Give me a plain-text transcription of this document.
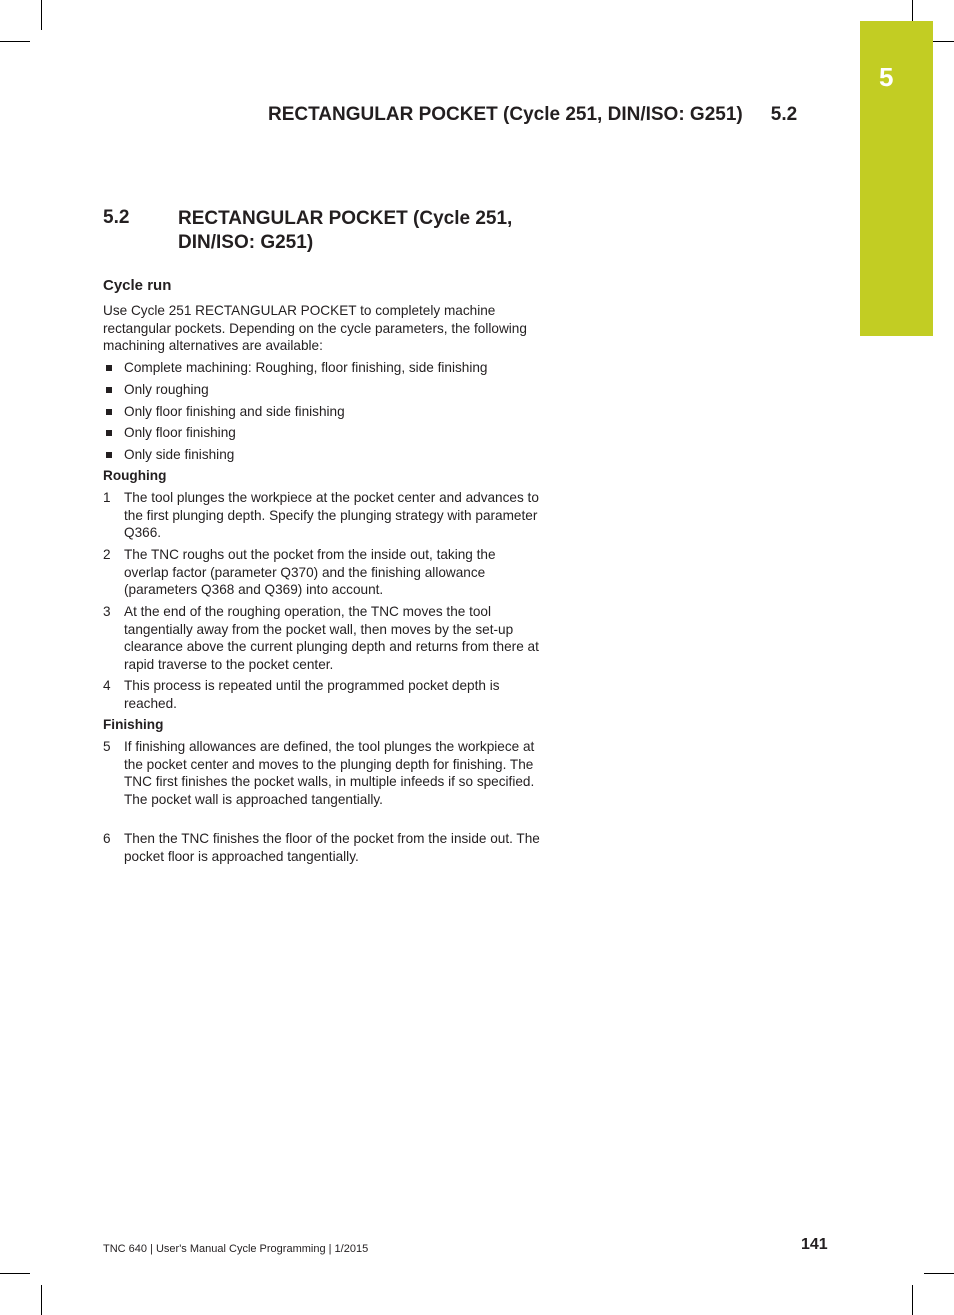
5
RECTANGULAR POCKET (Cycle 251, DIN/ISO: G251) 5.2
5.2	RECTANGULAR POCKET (Cycle 251, DIN/ISO: G251)
Cycle run
Use Cycle 251 RECTANGULAR POCKET to completely machine rectangular pockets. Depending on the cycle parameters, the following machining alternatives are available:
Complete machining: Roughing, floor finishing, side finishing
Only roughing
Only floor finishing and side finishing
Only floor finishing
Only side finishing
Roughing
1 The tool plunges the workpiece at the pocket center and advances to the first plunging depth. Specify the plunging strategy with parameter Q366.
2 The TNC roughs out the pocket from the inside out, taking the overlap factor (parameter Q370) and the finishing allowance (parameters Q368 and Q369) into account.
3 At the end of the roughing operation, the TNC moves the tool tangentially away from the pocket wall, then moves by the set-up clearance above the current plunging depth and returns from there at rapid traverse to the pocket center.
4 This process is repeated until the programmed pocket depth is reached.
Finishing
5 If finishing allowances are defined, the tool plunges the workpiece at the pocket center and moves to the plunging depth for finishing. The TNC first finishes the pocket walls, in multiple infeeds if so specified. The pocket wall is approached tangentially.
6 Then the TNC finishes the floor of the pocket from the inside out. The pocket floor is approached tangentially.
TNC 640 | User's Manual Cycle Programming | 1/2015	141
